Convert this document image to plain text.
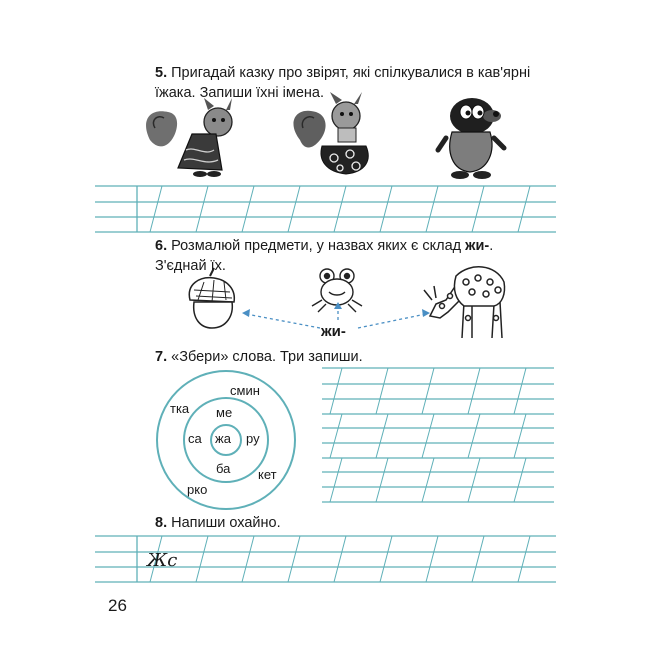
5. Пригадай казку про звірят, які спілкувалися в кав'ярні
їжака. Запиши їхні імена.
6. Розмалюй предмети, у назвах яких є склад жи-.
З'єднай їх.
жи-
7. «Збери» слова. Три запиши.
жа
ме
са	ру
ба
смин
тка
кет
рко
8. Напиши охайно.
Жс
26
